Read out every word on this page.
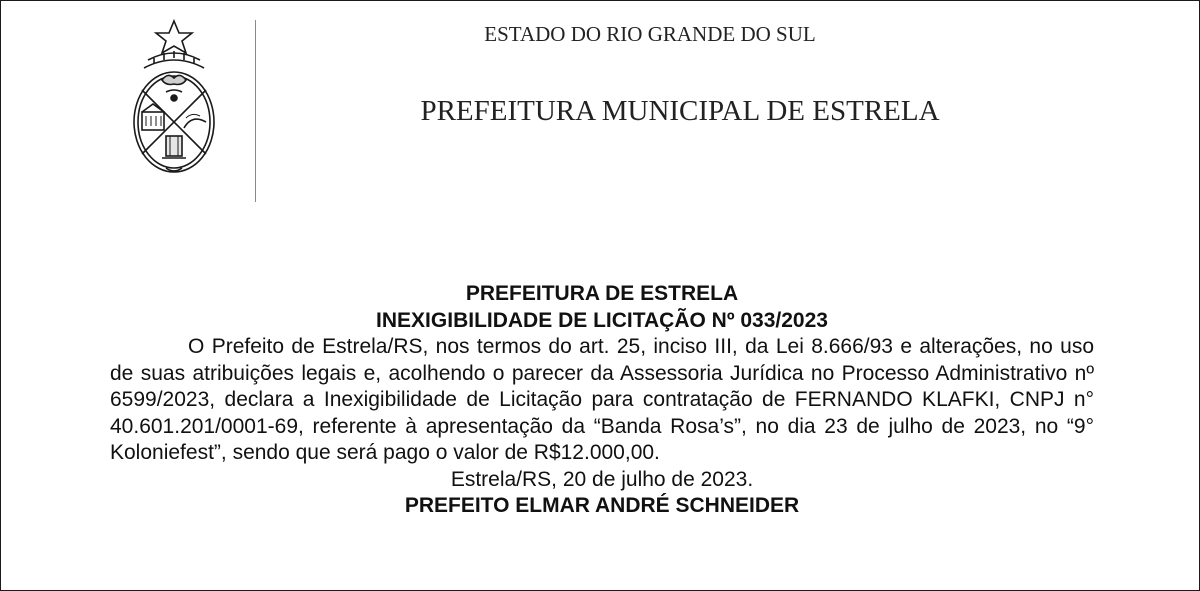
ESTADO DO RIO GRANDE DO SUL
PREFEITURA MUNICIPAL DE ESTRELA
PREFEITURA DE ESTRELA
INEXIGIBILIDADE DE LICITAÇÃO Nº 033/2023

O Prefeito de Estrela/RS, nos termos do art. 25, inciso III, da Lei 8.666/93 e alterações, no uso de suas atribuições legais e, acolhendo o parecer da Assessoria Jurídica no Processo Administrativo nº 6599/2023, declara a Inexigibilidade de Licitação para contratação de FERNANDO KLAFKI, CNPJ n° 40.601.201/0001-69, referente à apresentação da “Banda Rosa’s”, no dia 23 de julho de 2023, no “9° Koloniefest”, sendo que será pago o valor de R$12.000,00.

Estrela/RS, 20 de julho de 2023.
PREFEITO ELMAR ANDRÉ SCHNEIDER
